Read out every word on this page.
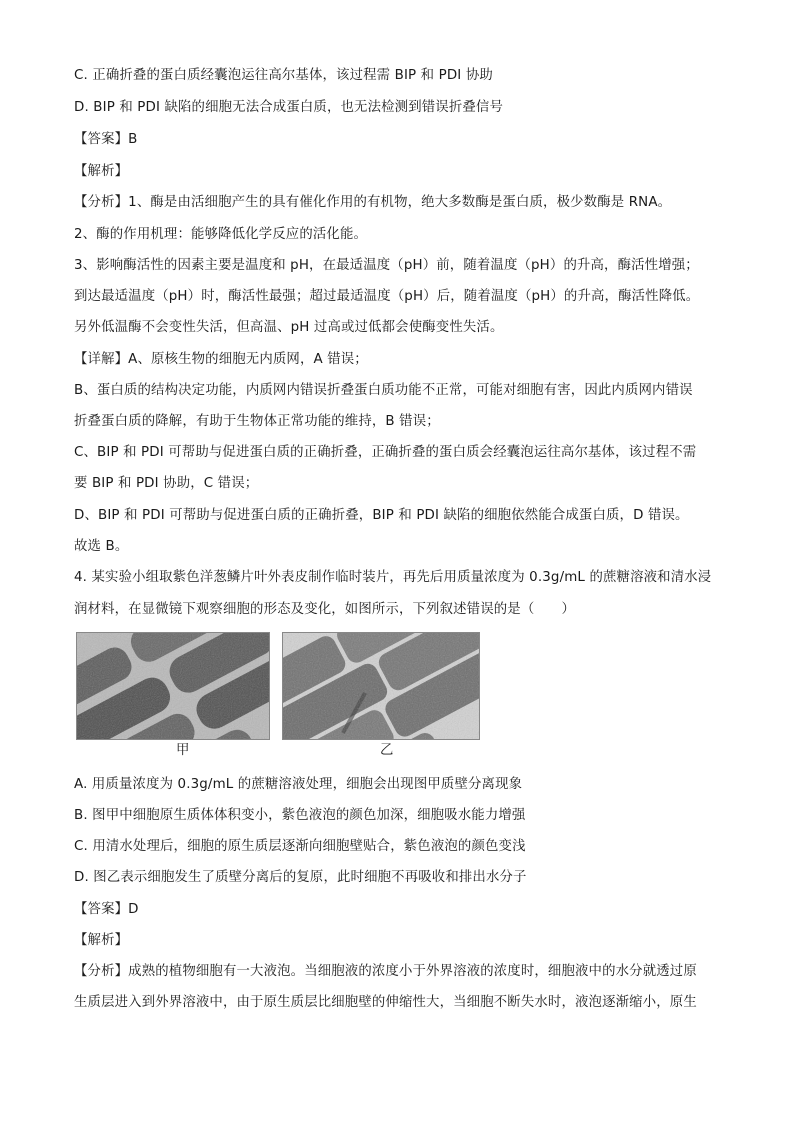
C. 正确折叠的蛋白质经囊泡运往高尔基体，该过程需 BIP 和 PDI 协助
D. BIP 和 PDI 缺陷的细胞无法合成蛋白质，也无法检测到错误折叠信号
【答案】B
【解析】
【分析】1、酶是由活细胞产生的具有催化作用的有机物，绝大多数酶是蛋白质，极少数酶是 RNA。
2、酶的作用机理：能够降低化学反应的活化能。
3、影响酶活性的因素主要是温度和 pH，在最适温度（pH）前，随着温度（pH）的升高，酶活性增强；
到达最适温度（pH）时，酶活性最强；超过最适温度（pH）后，随着温度（pH）的升高，酶活性降低。
另外低温酶不会变性失活，但高温、pH 过高或过低都会使酶变性失活。
【详解】A、原核生物的细胞无内质网，A 错误；
B、蛋白质的结构决定功能，内质网内错误折叠蛋白质功能不正常，可能对细胞有害，因此内质网内错误
折叠蛋白质的降解，有助于生物体正常功能的维持，B 错误；
C、BIP 和 PDI 可帮助与促进蛋白质的正确折叠，正确折叠的蛋白质会经囊泡运往高尔基体，该过程不需
要 BIP 和 PDI 协助，C 错误；
D、BIP 和 PDI 可帮助与促进蛋白质的正确折叠，BIP 和 PDI 缺陷的细胞依然能合成蛋白质，D 错误。
故选 B。
4. 某实验小组取紫色洋葱鳞片叶外表皮制作临时装片，再先后用质量浓度为 0.3g/mL 的蔗糖溶液和清水浸
润材料，在显微镜下观察细胞的形态及变化，如图所示，下列叙述错误的是（　　）
甲	乙
A. 用质量浓度为 0.3g/mL 的蔗糖溶液处理，细胞会出现图甲质壁分离现象
B. 图甲中细胞原生质体体积变小，紫色液泡的颜色加深，细胞吸水能力增强
C. 用清水处理后，细胞的原生质层逐渐向细胞壁贴合，紫色液泡的颜色变浅
D. 图乙表示细胞发生了质壁分离后的复原，此时细胞不再吸收和排出水分子
【答案】D
【解析】
【分析】成熟的植物细胞有一大液泡。当细胞液的浓度小于外界溶液的浓度时，细胞液中的水分就透过原
生质层进入到外界溶液中，由于原生质层比细胞壁的伸缩性大，当细胞不断失水时，液泡逐渐缩小，原生
